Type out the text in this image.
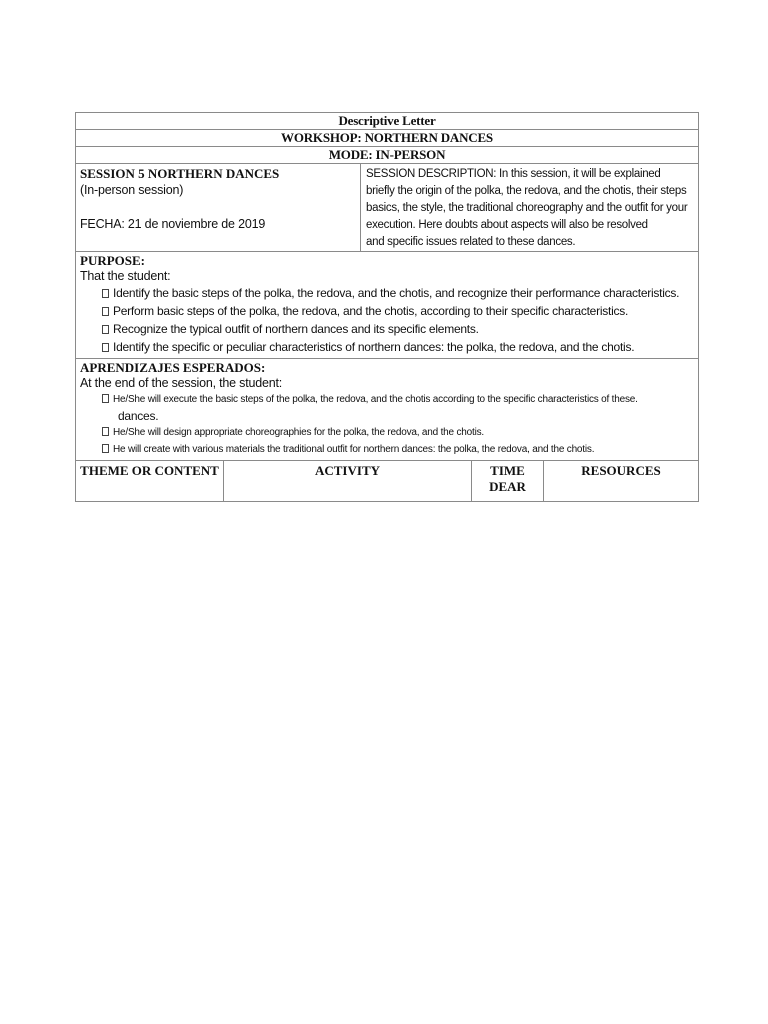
Descriptive Letter
WORKSHOP: NORTHERN DANCES
MODE: IN-PERSON
SESSION 5 NORTHERN DANCES
(In-person session)
FECHA: 21 de noviembre de 2019
SESSION DESCRIPTION: In this session, it will be explained
briefly the origin of the polka, the redova, and the chotis, their steps
basics, the style, the traditional choreography and the outfit for your
execution. Here doubts about aspects will also be resolved
and specific issues related to these dances.
PURPOSE:
That the student:
Identify the basic steps of the polka, the redova, and the chotis, and recognize their performance characteristics.
Perform basic steps of the polka, the redova, and the chotis, according to their specific characteristics.
Recognize the typical outfit of northern dances and its specific elements.
Identify the specific or peculiar characteristics of northern dances: the polka, the redova, and the chotis.
APRENDIZAJES ESPERADOS:
At the end of the session, the student:
He/She will execute the basic steps of the polka, the redova, and the chotis according to the specific characteristics of these.
dances.
He/She will design appropriate choreographies for the polka, the redova, and the chotis.
He will create with various materials the traditional outfit for northern dances: the polka, the redova, and the chotis.
THEME OR CONTENT	ACTIVITY	TIME
DEAR
RESOURCES
